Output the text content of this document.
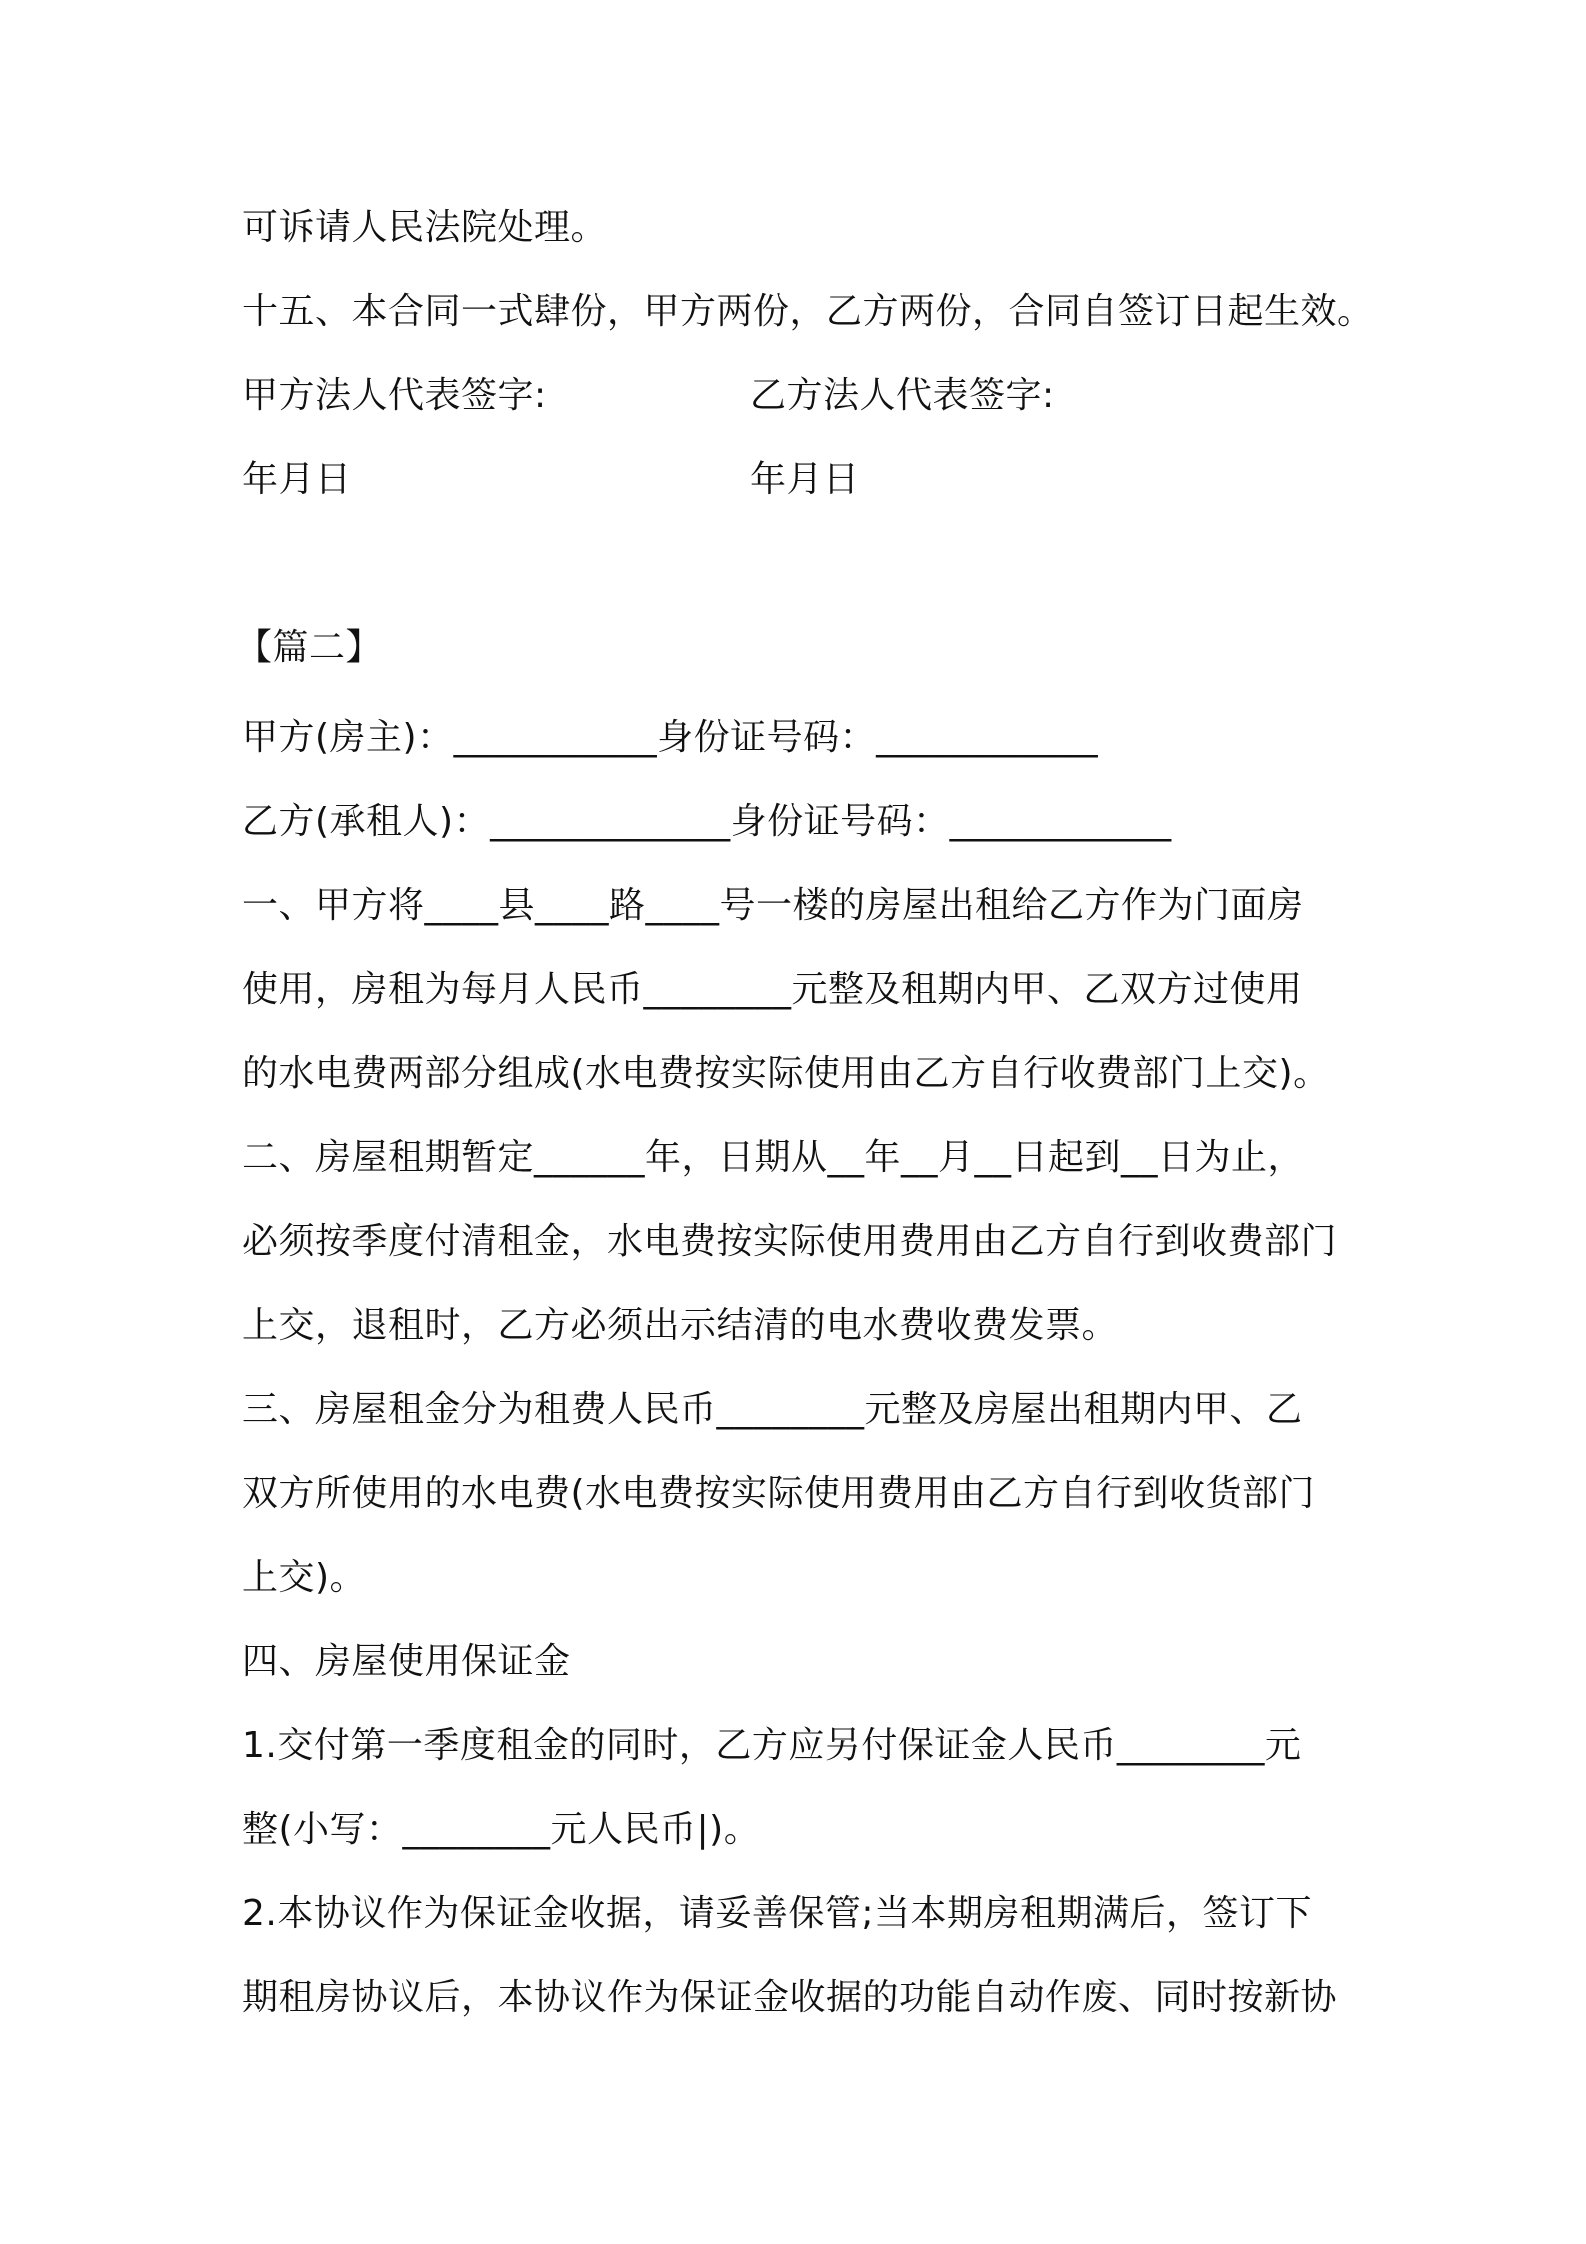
可诉请人民法院处理。
十五、本合同一式肆份，甲方两份，乙方两份，合同自签订日起生效。
甲方法人代表签字:	乙方法人代表签字:
年月日	年月日
【篇二】
甲方(房主)：___________身份证号码：____________
乙方(承租人)：_____________身份证号码：____________
一、甲方将____县____路____号一楼的房屋出租给乙方作为门面房
使用，房租为每月人民币________元整及租期内甲、乙双方过使用
的水电费两部分组成(水电费按实际使用由乙方自行收费部门上交)。
二、房屋租期暂定______年，日期从__年__月__日起到__日为止，
必须按季度付清租金，水电费按实际使用费用由乙方自行到收费部门
上交，退租时，乙方必须出示结清的电水费收费发票。
三、房屋租金分为租费人民币________元整及房屋出租期内甲、乙
双方所使用的水电费(水电费按实际使用费用由乙方自行到收货部门
上交)。
四、房屋使用保证金
1.交付第一季度租金的同时，乙方应另付保证金人民币________元
整(小写：________元人民币|)。
2.本协议作为保证金收据，请妥善保管;当本期房租期满后，签订下
期租房协议后，本协议作为保证金收据的功能自动作废、同时按新协
